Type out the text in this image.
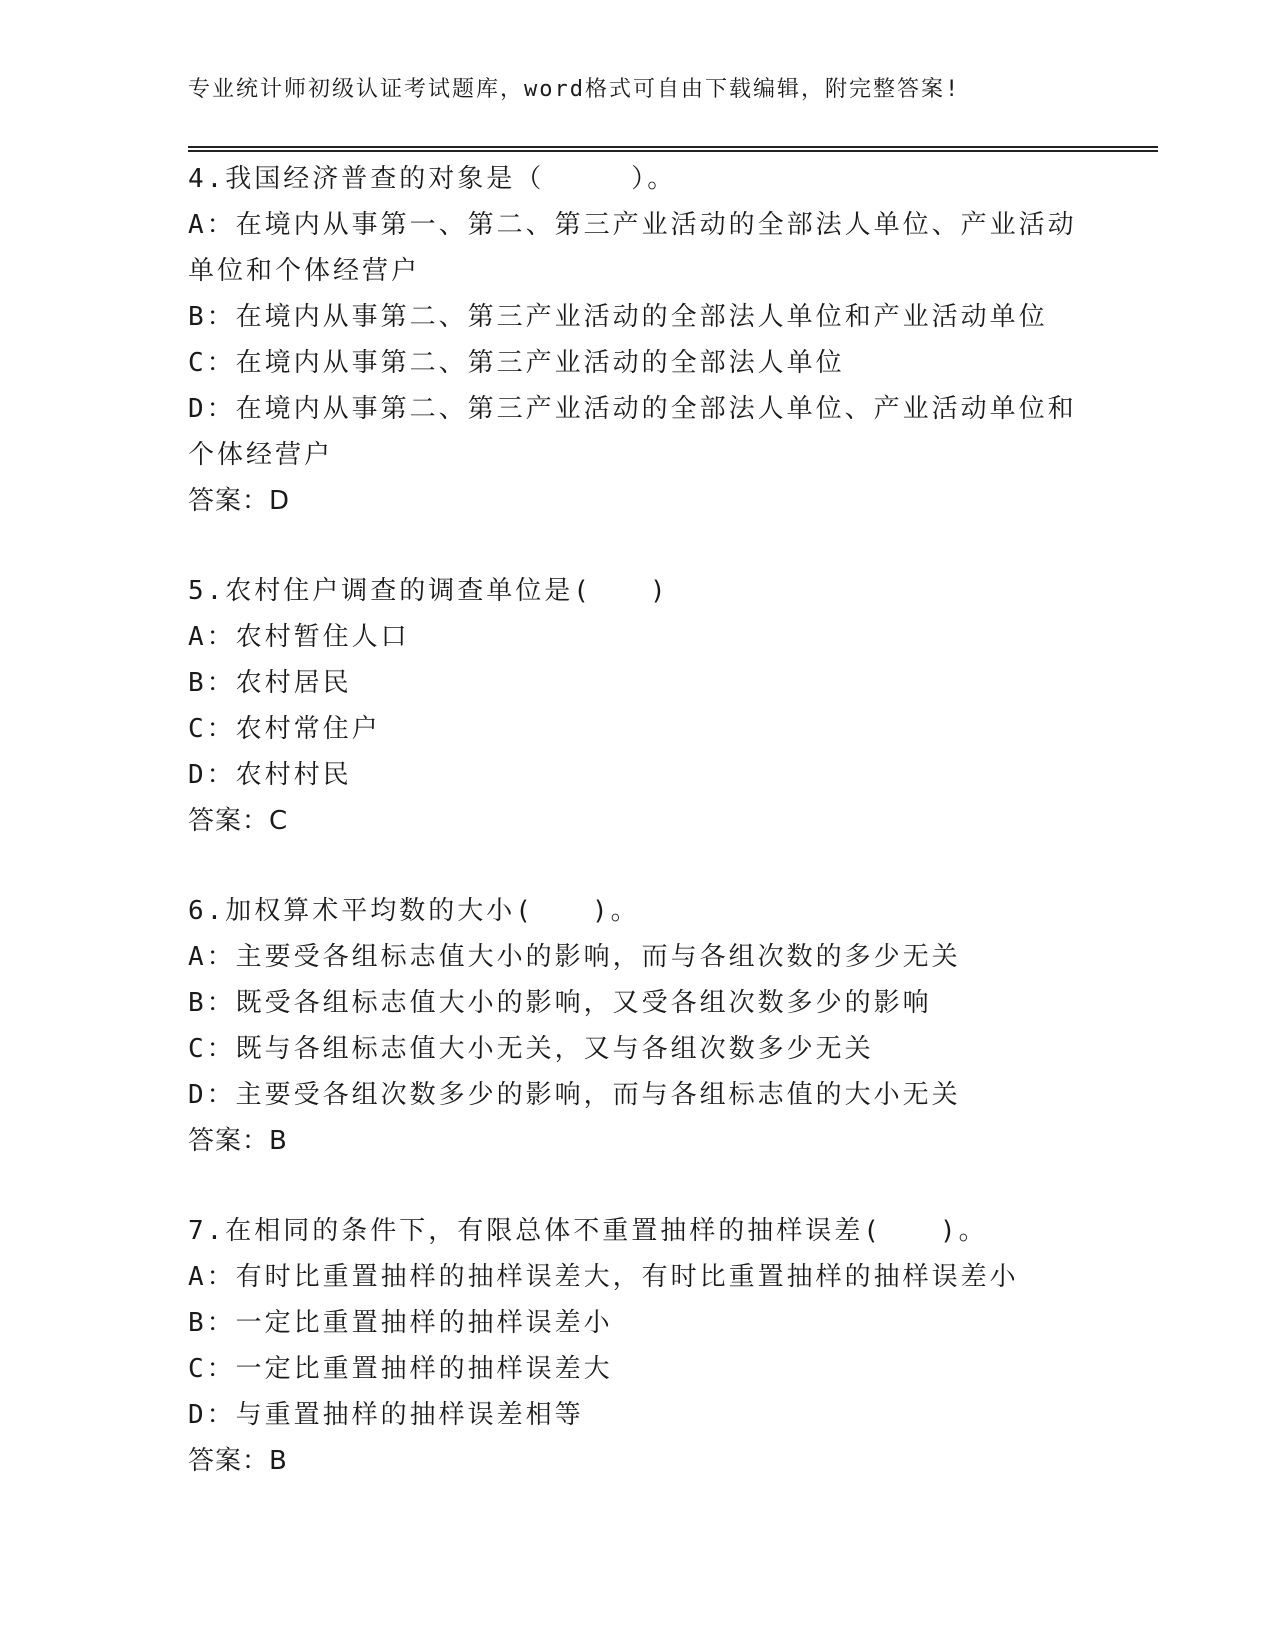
专业统计师初级认证考试题库，word格式可自由下载编辑，附完整答案!
4.我国经济普查的对象是（　　　）。
A：在境内从事第一、第二、第三产业活动的全部法人单位、产业活动
单位和个体经营户
B：在境内从事第二、第三产业活动的全部法人单位和产业活动单位
C：在境内从事第二、第三产业活动的全部法人单位
D：在境内从事第二、第三产业活动的全部法人单位、产业活动单位和
个体经营户
答案：D
5.农村住户调查的调查单位是(　　)
A：农村暂住人口
B：农村居民
C：农村常住户
D：农村村民
答案：C
6.加权算术平均数的大小(　　)。
A：主要受各组标志值大小的影响，而与各组次数的多少无关
B：既受各组标志值大小的影响，又受各组次数多少的影响
C：既与各组标志值大小无关，又与各组次数多少无关
D：主要受各组次数多少的影响，而与各组标志值的大小无关
答案：B
7.在相同的条件下，有限总体不重置抽样的抽样误差(　　)。
A：有时比重置抽样的抽样误差大，有时比重置抽样的抽样误差小
B：一定比重置抽样的抽样误差小
C：一定比重置抽样的抽样误差大
D：与重置抽样的抽样误差相等
答案：B
